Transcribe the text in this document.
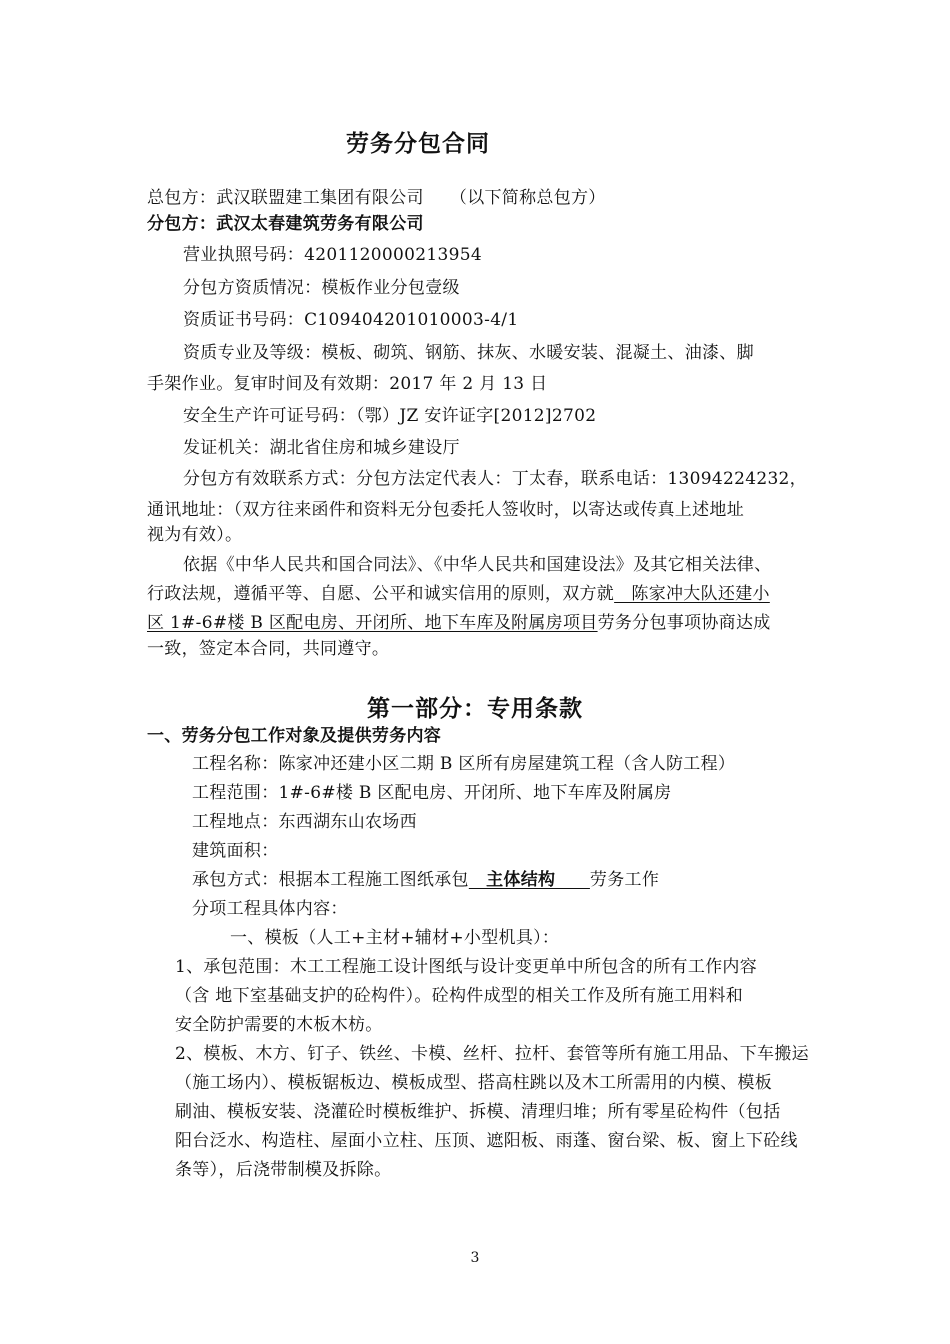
劳务分包合同
总包方：武汉联盟建工集团有限公司　　（以下简称总包方）
分包方：武汉太春建筑劳务有限公司
营业执照号码：4201120000213954
分包方资质情况：模板作业分包壹级
资质证书号码：C109404201010003-4/1
资质专业及等级：模板、砌筑、钢筋、抹灰、水暖安装、混凝土、油漆、脚
手架作业。复审时间及有效期：2017 年 2 月 13 日
安全生产许可证号码：（鄂）JZ 安许证字[2012]2702
发证机关：湖北省住房和城乡建设厅
分包方有效联系方式：分包方法定代表人：丁太春，联系电话：13094224232，
通讯地址：（双方往来函件和资料无分包委托人签收时，以寄达或传真上述地址
视为有效）。
依据《中华人民共和国合同法》、《中华人民共和国建设法》及其它相关法律、
行政法规，遵循平等、自愿、公平和诚实信用的原则，双方就　陈家冲大队还建小
区 1#-6#楼 B 区配电房、开闭所、地下车库及附属房项目劳务分包事项协商达成
一致，签定本合同，共同遵守。
第一部分：专用条款
一、劳务分包工作对象及提供劳务内容
工程名称：陈家冲还建小区二期 B 区所有房屋建筑工程（含人防工程）
工程范围：1#-6#楼 B 区配电房、开闭所、地下车库及附属房
工程地点：东西湖东山农场西
建筑面积：
承包方式：根据本工程施工图纸承包　主体结构　　劳务工作
分项工程具体内容：
一、模板（人工+主材+辅材+小型机具）：
1、承包范围：木工工程施工设计图纸与设计变更单中所包含的所有工作内容
（含 地下室基础支护的砼构件）。砼构件成型的相关工作及所有施工用料和
安全防护需要的木板木枋。
2、模板、木方、钉子、铁丝、卡模、丝杆、拉杆、套管等所有施工用品、下车搬运
（施工场内）、模板锯板边、模板成型、搭高柱跳以及木工所需用的内模、模板
刷油、模板安装、浇灌砼时模板维护、拆模、清理归堆；所有零星砼构件（包括
阳台泛水、构造柱、屋面小立柱、压顶、遮阳板、雨蓬、窗台梁、板、窗上下砼线
条等），后浇带制模及拆除。
3
